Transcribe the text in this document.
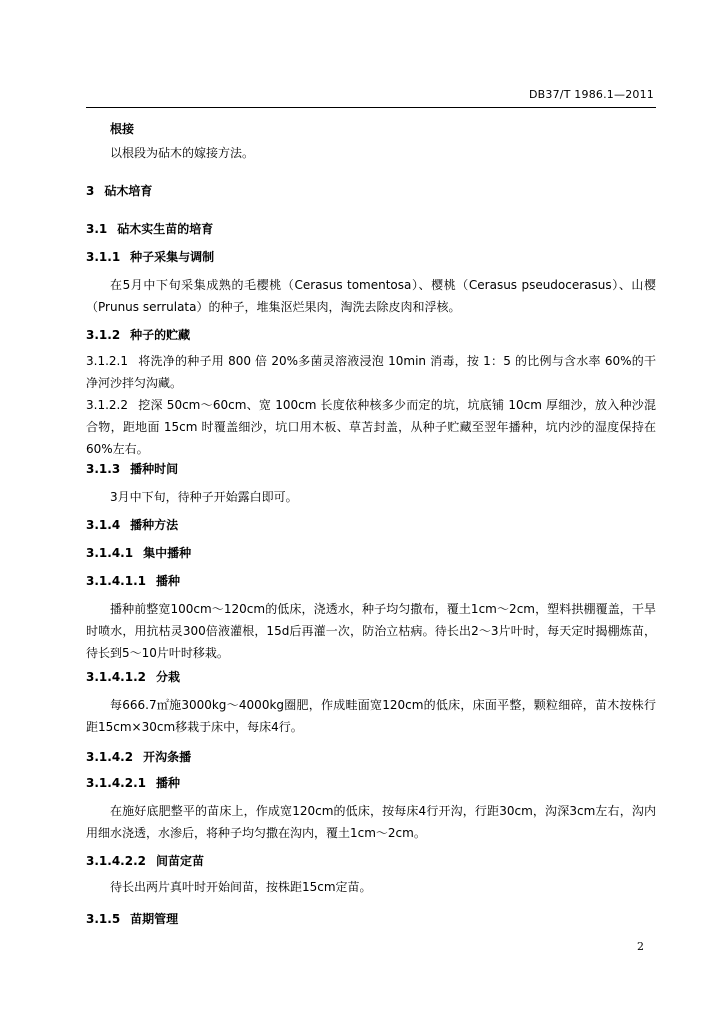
DB37/T 1986.1—2011
根接
以根段为砧木的嫁接方法。
3 砧木培育
3.1 砧木实生苗的培育
3.1.1 种子采集与调制
在5月中下旬采集成熟的毛樱桃（Cerasus tomentosa）、樱桃（Cerasus pseudocerasus）、山樱（Prunus serrulata）的种子，堆集沤烂果肉，淘洗去除皮肉和浮核。
3.1.2 种子的贮藏
3.1.2.1 将洗净的种子用 800 倍 20%多菌灵溶液浸泡 10min 消毒，按 1：5 的比例与含水率 60%的干净河沙拌匀沟藏。
3.1.2.2 挖深 50cm～60cm、宽 100cm 长度依种核多少而定的坑，坑底铺 10cm 厚细沙，放入种沙混合物，距地面 15cm 时覆盖细沙，坑口用木板、草苫封盖，从种子贮藏至翌年播种，坑内沙的湿度保持在60%左右。
3.1.3 播种时间
3月中下旬，待种子开始露白即可。
3.1.4 播种方法
3.1.4.1 集中播种
3.1.4.1.1 播种
播种前整宽100cm～120cm的低床，浇透水，种子均匀撒布，覆土1cm～2cm，塑料拱棚覆盖，干旱时喷水，用抗枯灵300倍液灌根，15d后再灌一次，防治立枯病。待长出2～3片叶时，每天定时揭棚炼苗，待长到5～10片叶时移栽。
3.1.4.1.2 分栽
每666.7㎡施3000kg～4000kg圈肥，作成畦面宽120cm的低床，床面平整，颗粒细碎，苗木按株行距15cm×30cm移栽于床中，每床4行。
3.1.4.2 开沟条播
3.1.4.2.1 播种
在施好底肥整平的苗床上，作成宽120cm的低床，按每床4行开沟，行距30cm，沟深3cm左右，沟内用细水浇透，水渗后，将种子均匀撒在沟内，覆土1cm～2cm。
3.1.4.2.2 间苗定苗
待长出两片真叶时开始间苗，按株距15cm定苗。
3.1.5 苗期管理
2
